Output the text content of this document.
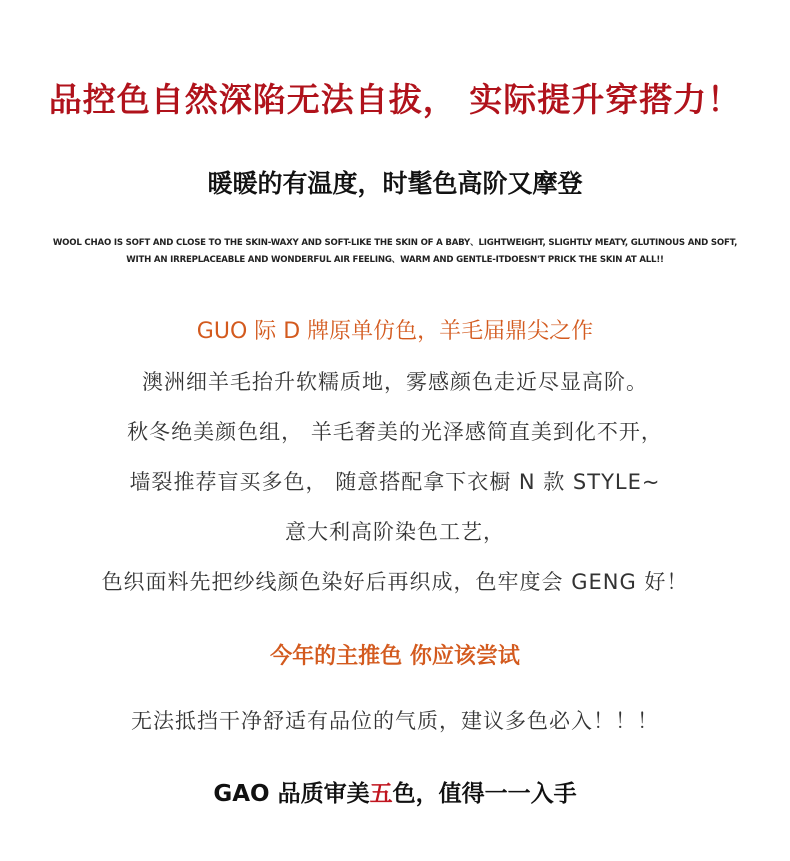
品控色自然深陷无法自拔， 实际提升穿搭力！
暖暖的有温度，时髦色高阶又摩登
WOOL CHAO IS SOFT AND CLOSE TO THE SKIN-WAXY AND SOFT-LIKE THE SKIN OF A BABY、LIGHTWEIGHT, SLIGHTLY MEATY, GLUTINOUS AND SOFT,
WITH AN IRREPLACEABLE AND WONDERFUL AIR FEELING、WARM AND GENTLE-ITDOESN'T PRICK THE SKIN AT ALL!!
GUO 际 D 牌原单仿色，羊毛届鼎尖之作
澳洲细羊毛抬升软糯质地，雾感颜色走近尽显高阶。
秋冬绝美颜色组， 羊毛奢美的光泽感简直美到化不开，
墙裂推荐盲买多色， 随意搭配拿下衣橱 N 款 STYLE~
意大利高阶染色工艺，
色织面料先把纱线颜色染好后再织成，色牢度会 GENG 好！
今年的主推色 你应该尝试
无法抵挡干净舒适有品位的气质，建议多色必入！！！
GAO 品质审美五色，值得一一入手
